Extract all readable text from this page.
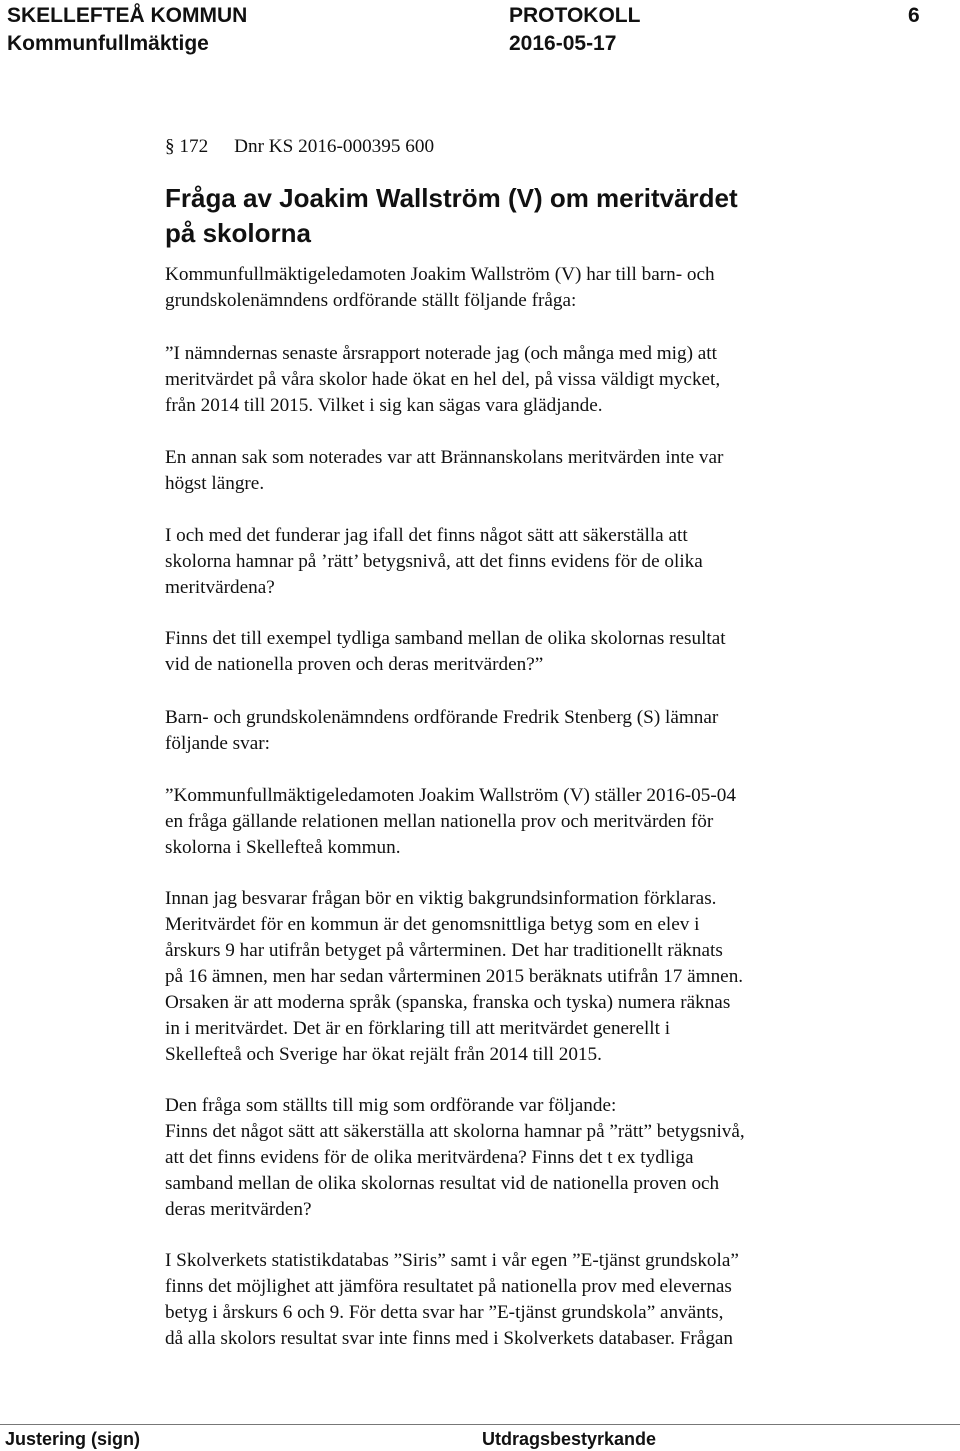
SKELLEFTEÅ KOMMUN	PROTOKOLL	6
Kommunfullmäktige	2016-05-17
§ 172 Dnr KS 2016-000395 600
Fråga av Joakim Wallström (V) om meritvärdet
på skolorna

Kommunfullmäktigeledamoten Joakim Wallström (V) har till barn- och
grundskolenämndens ordförande ställt följande fråga:

”I nämndernas senaste årsrapport noterade jag (och många med mig) att
meritvärdet på våra skolor hade ökat en hel del, på vissa väldigt mycket,
från 2014 till 2015. Vilket i sig kan sägas vara glädjande.

En annan sak som noterades var att Brännanskolans meritvärden inte var
högst längre.

I och med det funderar jag ifall det finns något sätt att säkerställa att
skolorna hamnar på ’rätt’ betygsnivå, att det finns evidens för de olika
meritvärdena?

Finns det till exempel tydliga samband mellan de olika skolornas resultat
vid de nationella proven och deras meritvärden?”

Barn- och grundskolenämndens ordförande Fredrik Stenberg (S) lämnar
följande svar:

”Kommunfullmäktigeledamoten Joakim Wallström (V) ställer 2016-05-04
en fråga gällande relationen mellan nationella prov och meritvärden för
skolorna i Skellefteå kommun.

Innan jag besvarar frågan bör en viktig bakgrundsinformation förklaras.
Meritvärdet för en kommun är det genomsnittliga betyg som en elev i
årskurs 9 har utifrån betyget på vårterminen. Det har traditionellt räknats
på 16 ämnen, men har sedan vårterminen 2015 beräknats utifrån 17 ämnen.
Orsaken är att moderna språk (spanska, franska och tyska) numera räknas
in i meritvärdet. Det är en förklaring till att meritvärdet generellt i
Skellefteå och Sverige har ökat rejält från 2014 till 2015.

Den fråga som ställts till mig som ordförande var följande:
Finns det något sätt att säkerställa att skolorna hamnar på ”rätt” betygsnivå,
att det finns evidens för de olika meritvärdena? Finns det t ex tydliga
samband mellan de olika skolornas resultat vid de nationella proven och
deras meritvärden?

I Skolverkets statistikdatabas ”Siris” samt i vår egen ”E-tjänst grundskola”
finns det möjlighet att jämföra resultatet på nationella prov med elevernas
betyg i årskurs 6 och 9. För detta svar har ”E-tjänst grundskola” använts,
då alla skolors resultat svar inte finns med i Skolverkets databaser. Frågan

Justering (sign)	Utdragsbestyrkande
